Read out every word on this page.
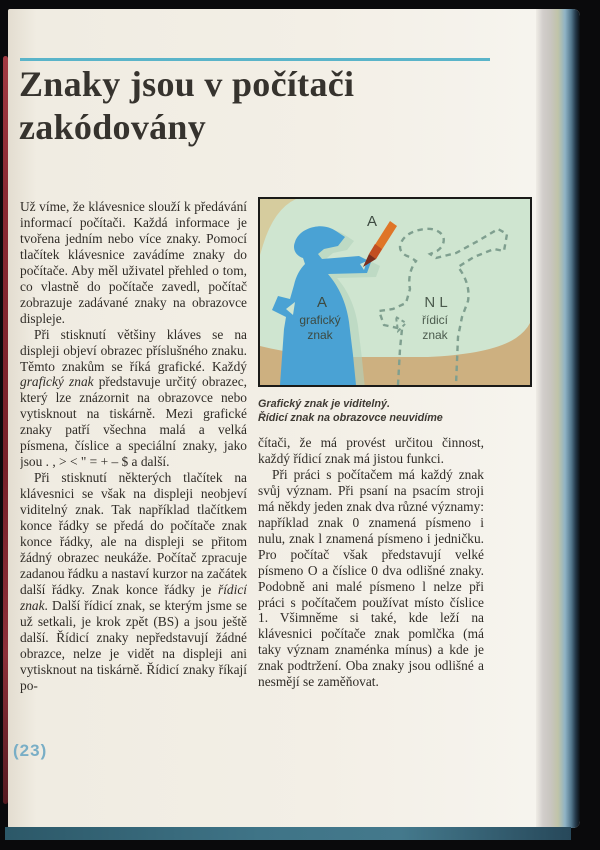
Znaky jsou v počítači
zakódovány

Už víme, že klávesnice slouží k předávání informací počítači. Každá informace je tvořena jedním nebo více znaky. Pomocí tlačítek klávesnice zavádíme znaky do počítače. Aby měl uživatel přehled o tom, co vlastně do počítače zavedl, počítač zobrazuje zadávané znaky na obrazovce displeje.

Při stisknutí většiny kláves se na displeji objeví obrazec příslušného znaku. Těmto znakům se říká grafické. Každý grafický znak představuje určitý obrazec, který lze znázornit na obrazovce nebo vytisknout na tiskárně. Mezi grafické znaky patří všechna malá a velká písmena, číslice a speciální znaky, jako jsou . , > < " = + – $ a další.

Při stisknutí některých tlačítek na klávesnici se však na displeji neobjeví viditelný znak. Tak například tlačítkem konce řádky se předá do počítače znak konce řádky, ale na displeji se přitom žádný obrazec neukáže. Počítač zpracuje zadanou řádku a nastaví kurzor na začátek další řádky. Znak konce řádky je řídicí znak. Další řídicí znak, se kterým jsme se už setkali, je krok zpět (BS) a jsou ještě další. Řídicí znaky nepředstavují žádné obrazce, nelze je vidět na displeji ani vytisknout na tiskárně. Řídicí znaky říkají po-

A
A
grafický
znak
N L
řídicí
znak
Grafický znak je viditelný.
Řídicí znak na obrazovce neuvidíme

čítači, že má provést určitou činnost, každý řídicí znak má jistou funkci.

Při práci s počítačem má každý znak svůj význam. Při psaní na psacím stroji má někdy jeden znak dva různé významy: například znak 0 znamená písmeno i nulu, znak l znamená písmeno i jedničku. Pro počítač však představují velké písmeno O a číslice 0 dva odlišné znaky. Podobně ani malé písmeno l nelze při práci s počítačem používat místo číslice 1. Všimněme si také, kde leží na klávesnici počítače znak pomlčka (má taky význam znaménka mínus) a kde je znak podtržení. Oba znaky jsou odlišné a nesmějí se zaměňovat.

(23)
